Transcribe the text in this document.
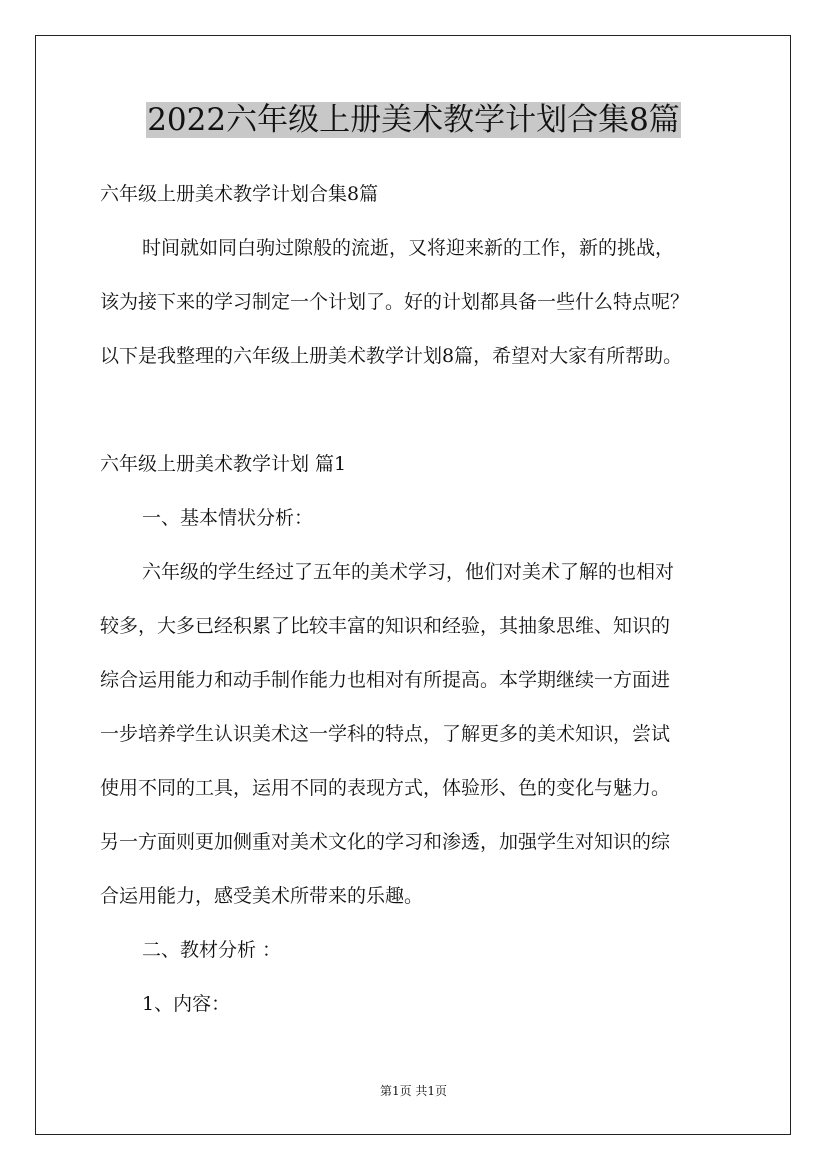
2022六年级上册美术教学计划合集8篇
六年级上册美术教学计划合集8篇
时间就如同白驹过隙般的流逝，又将迎来新的工作，新的挑战，
该为接下来的学习制定一个计划了。好的计划都具备一些什么特点呢？
以下是我整理的六年级上册美术教学计划8篇，希望对大家有所帮助。
六年级上册美术教学计划 篇1
一、基本情状分析：
六年级的学生经过了五年的美术学习，他们对美术了解的也相对
较多，大多已经积累了比较丰富的知识和经验，其抽象思维、知识的
综合运用能力和动手制作能力也相对有所提高。本学期继续一方面进
一步培养学生认识美术这一学科的特点，了解更多的美术知识，尝试
使用不同的工具，运用不同的表现方式，体验形、色的变化与魅力。
另一方面则更加侧重对美术文化的学习和渗透，加强学生对知识的综
合运用能力，感受美术所带来的乐趣。
二、教材分析 ：
1、内容：
第1页 共1页
